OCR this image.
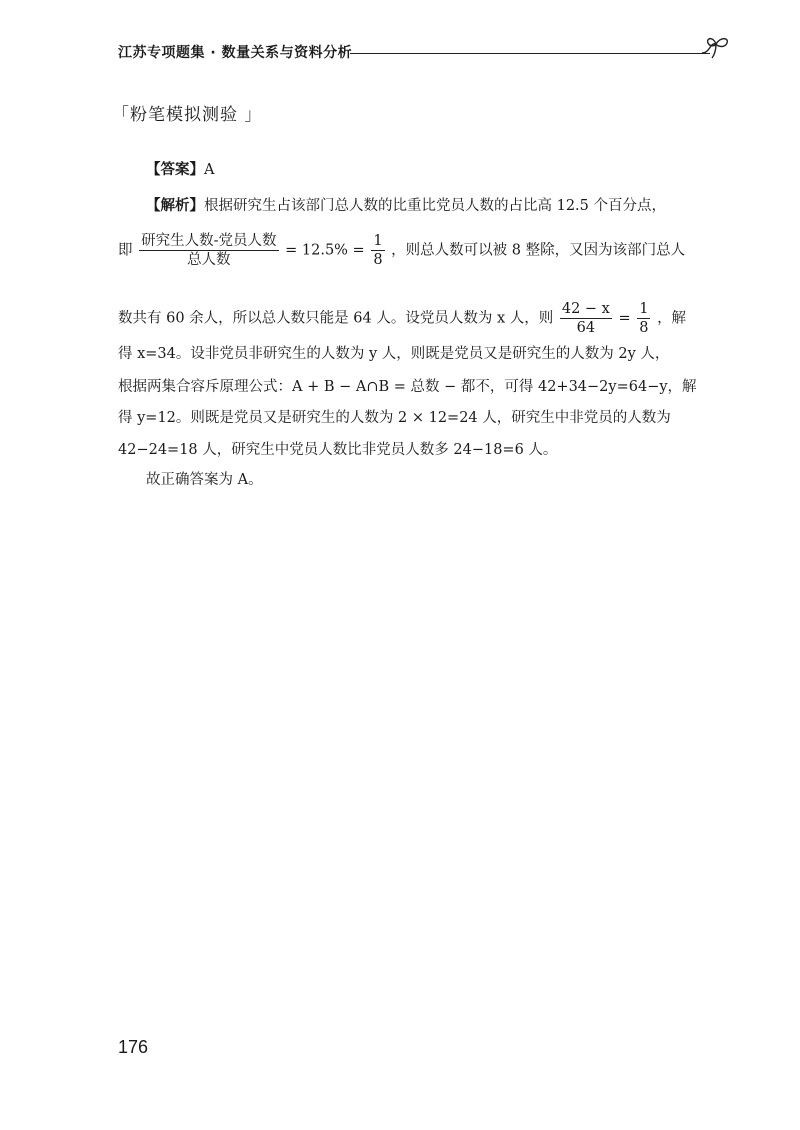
江苏专项题集 · 数量关系与资料分析
「粉笔模拟测验 」
【答案】A
【解析】根据研究生占该部门总人数的比重比党员人数的占比高 12.5 个百分点，
即 $\frac{\text{研究生人数-党员人数}}{\text{总人数}} = 12.5\% = \frac{1}{8}$ ，则总人数可以被 8 整除，又因为该部门总人
数共有 60 余人，所以总人数只能是 64 人。设党员人数为 x 人，则 $\frac{42 - x}{64} = \frac{1}{8}$ ，解
得 x=34。设非党员非研究生的人数为 y 人，则既是党员又是研究生的人数为 2y 人，
根据两集合容斥原理公式：A + B − A∩B = 总数 − 都不，可得 42+34−2y=64−y，解
得 y=12。则既是党员又是研究生的人数为 2 × 12=24 人，研究生中非党员的人数为
42−24=18 人，研究生中党员人数比非党员人数多 24−18=6 人。
故正确答案为 A。
176
